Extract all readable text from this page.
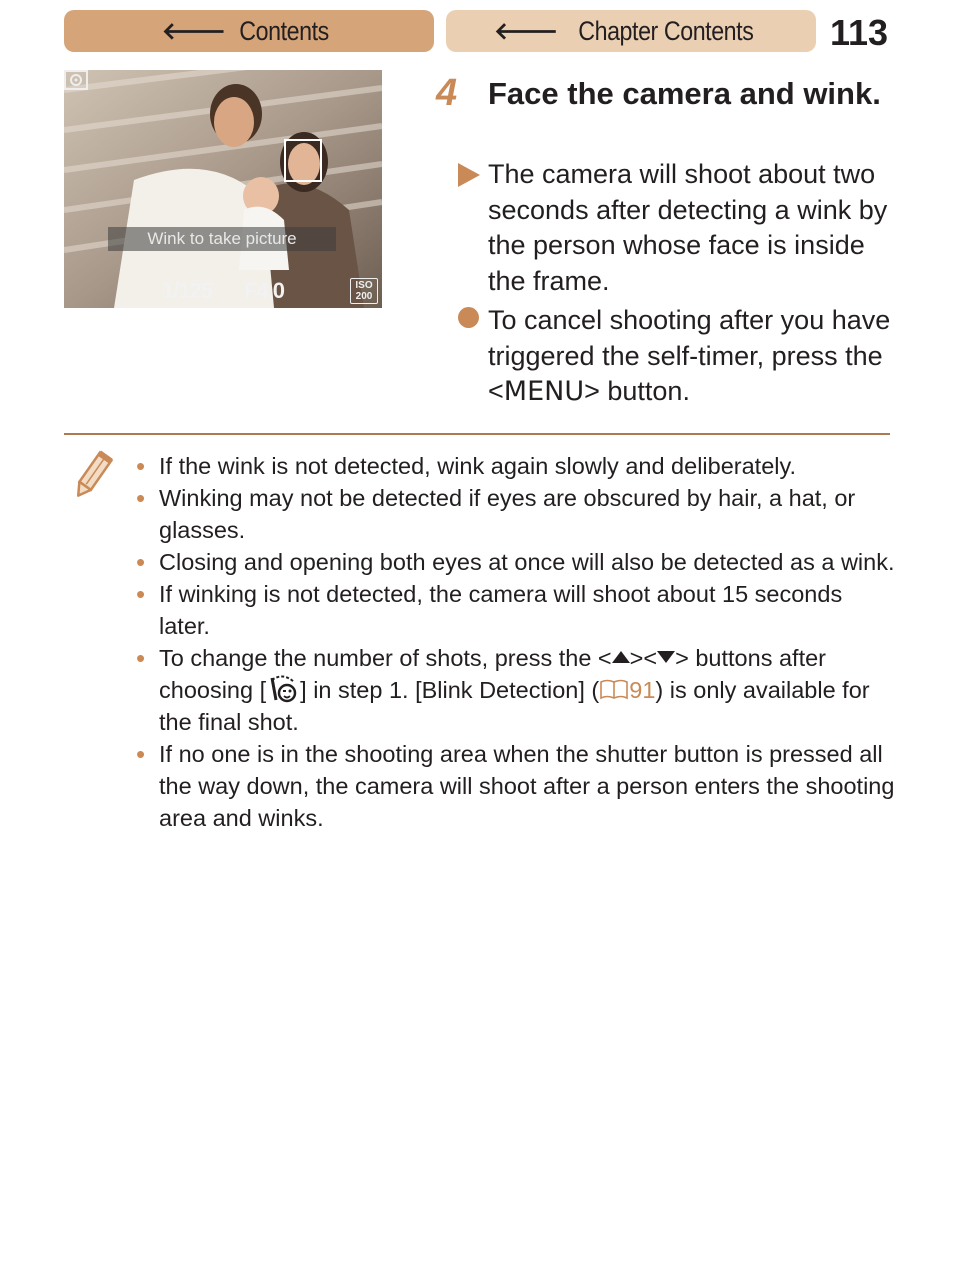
🡐 Contents	🡐 Chapter Contents 113
Wink to take picture
1/125 F4.0	ISO
200
4 Face the camera and wink.
The camera will shoot about two seconds after detecting a wink by the person whose face is inside the frame.
To cancel shooting after you have triggered the self-timer, press the <MENU> button.
• If the wink is not detected, wink again slowly and deliberately.
• Winking may not be detected if eyes are obscured by hair, a hat, or glasses.
• Closing and opening both eyes at once will also be detected as a wink.
• If winking is not detected, the camera will shoot about 15 seconds later.
• To change the number of shots, press the < >< > buttons after choosing [ ] in step 1. [Blink Detection] ( 91) is only available for the final shot.
• If no one is in the shooting area when the shutter button is pressed all the way down, the camera will shoot after a person enters the shooting area and winks.
